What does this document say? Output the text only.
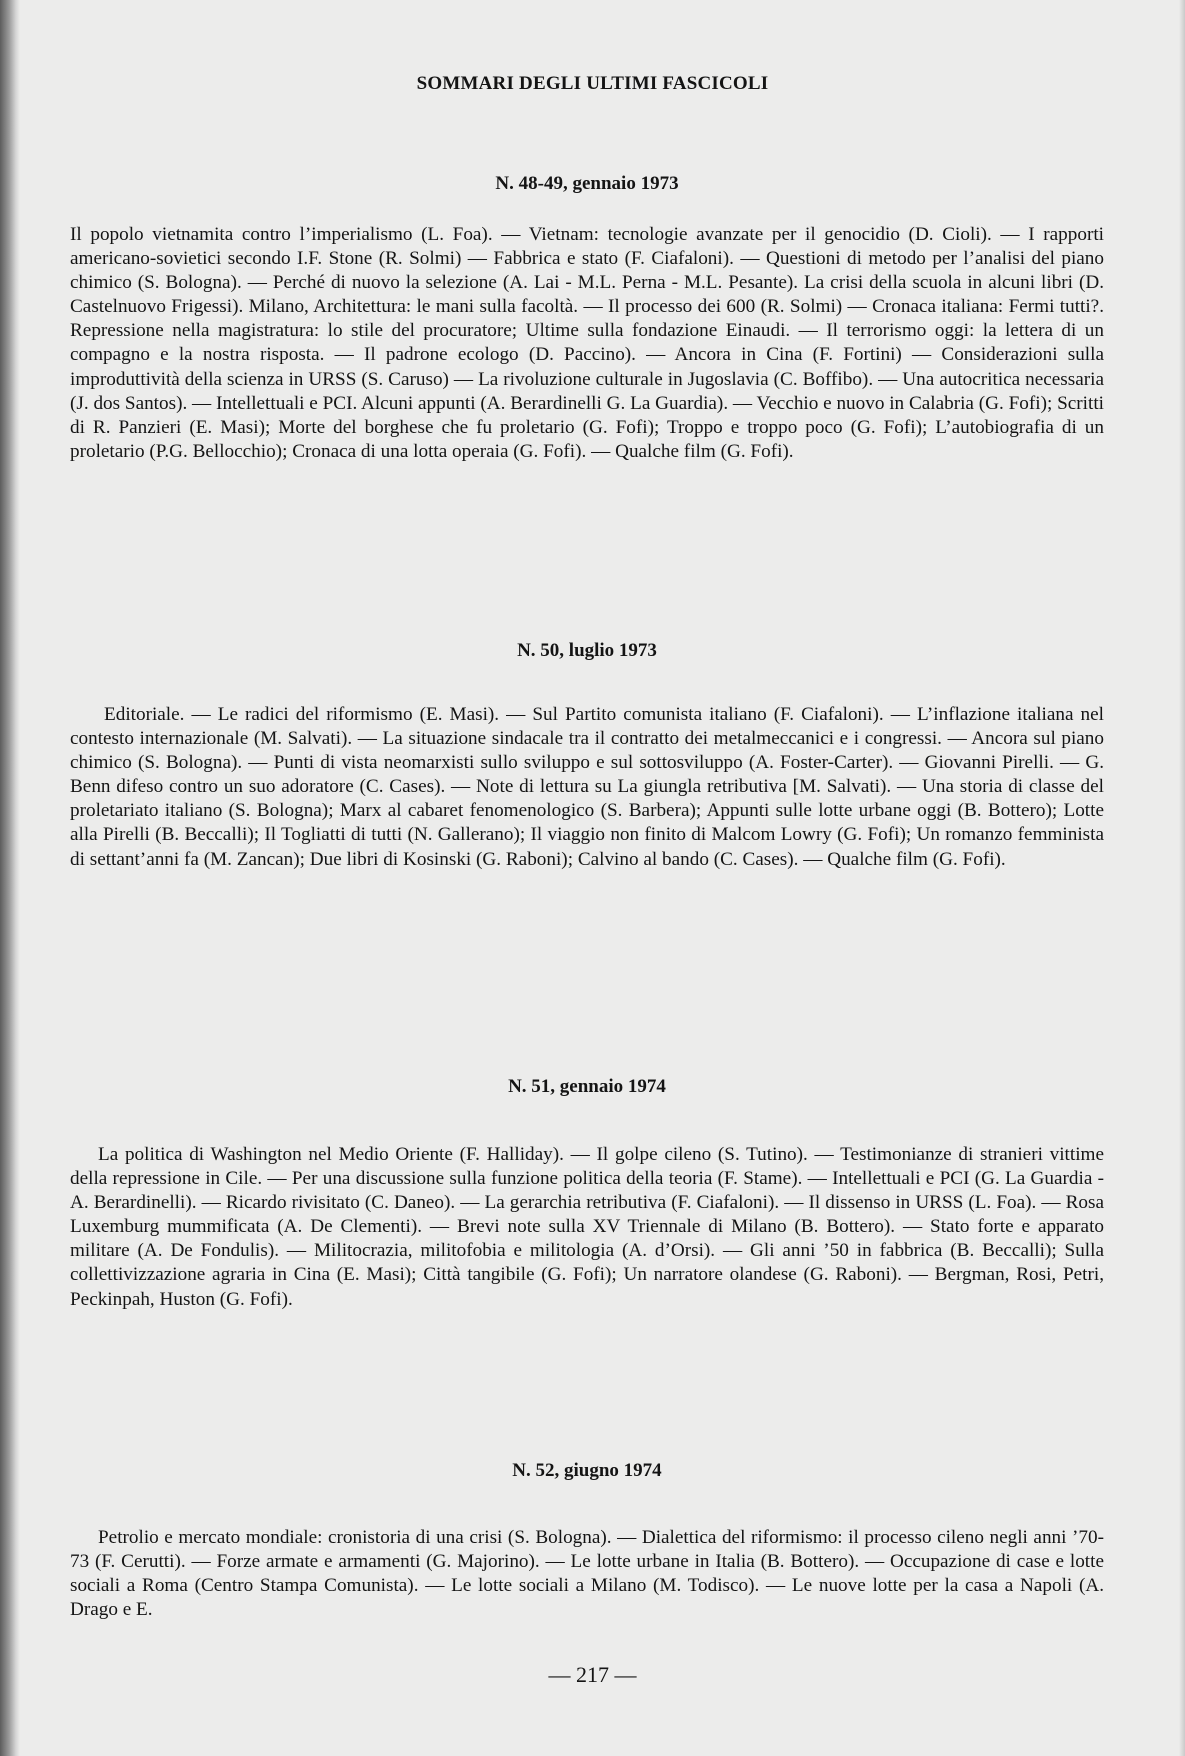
SOMMARI DEGLI ULTIMI FASCICOLI
N. 48-49, gennaio 1973

Il popolo vietnamita contro l’imperialismo (L. Foa). — Vietnam: tecnologie avanzate per il genocidio (D. Cioli). — I rapporti americano-sovietici secondo I.F. Stone (R. Solmi) — Fabbrica e stato (F. Ciafaloni). — Questioni di metodo per l’analisi del piano chimico (S. Bologna). — Perché di nuovo la selezione (A. Lai - M.L. Perna - M.L. Pesante). La crisi della scuola in alcuni libri (D. Castelnuovo Frigessi). Milano, Architettura: le mani sulla facoltà. — Il processo dei 600 (R. Solmi) — Cronaca italiana: Fermi tutti?. Repressione nella magistratura: lo stile del procuratore; Ultime sulla fondazione Einaudi. — Il terrorismo oggi: la lettera di un compagno e la nostra risposta. — Il padrone ecologo (D. Paccino). — Ancora in Cina (F. Fortini) — Considerazioni sulla improduttività della scienza in URSS (S. Caruso) — La rivoluzione culturale in Jugoslavia (C. Boffibo). — Una autocritica necessaria (J. dos Santos). — Intellettuali e PCI. Alcuni appunti (A. Berardinelli G. La Guardia). — Vecchio e nuovo in Calabria (G. Fofi); Scritti di R. Panzieri (E. Masi); Morte del borghese che fu proletario (G. Fofi); Troppo e troppo poco (G. Fofi); L’autobiografia di un proletario (P.G. Bellocchio); Cronaca di una lotta operaia (G. Fofi). — Qualche film (G. Fofi).

N. 50, luglio 1973

Editoriale. — Le radici del riformismo (E. Masi). — Sul Partito comunista italiano (F. Ciafaloni). — L’inflazione italiana nel contesto internazionale (M. Salvati). — La situazione sindacale tra il contratto dei metalmeccanici e i congressi. — Ancora sul piano chimico (S. Bologna). — Punti di vista neomarxisti sullo sviluppo e sul sottosviluppo (A. Foster-Carter). — Giovanni Pirelli. — G. Benn difeso contro un suo adoratore (C. Cases). — Note di lettura su La giungla retributiva [M. Salvati). — Una storia di classe del proletariato italiano (S. Bologna); Marx al cabaret fenomenologico (S. Barbera); Appunti sulle lotte urbane oggi (B. Bottero); Lotte alla Pirelli (B. Beccalli); Il Togliatti di tutti (N. Gallerano); Il viaggio non finito di Malcom Lowry (G. Fofi); Un romanzo femminista di settant’anni fa (M. Zancan); Due libri di Kosinski (G. Raboni); Calvino al bando (C. Cases). — Qualche film (G. Fofi).

N. 51, gennaio 1974

La politica di Washington nel Medio Oriente (F. Halliday). — Il golpe cileno (S. Tutino). — Testimonianze di stranieri vittime della repressione in Cile. — Per una discussione sulla funzione politica della teoria (F. Stame). — Intellettuali e PCI (G. La Guardia - A. Berardinelli). — Ricardo rivisitato (C. Daneo). — La gerarchia retributiva (F. Ciafaloni). — Il dissenso in URSS (L. Foa). — Rosa Luxemburg mummificata (A. De Clementi). — Brevi note sulla XV Triennale di Milano (B. Bottero). — Stato forte e apparato militare (A. De Fondulis). — Militocrazia, militofobia e militologia (A. d’Orsi). — Gli anni ’50 in fabbrica (B. Beccalli); Sulla collettivizzazione agraria in Cina (E. Masi); Città tangibile (G. Fofi); Un narratore olandese (G. Raboni). — Bergman, Rosi, Petri, Peckinpah, Huston (G. Fofi).

N. 52, giugno 1974

Petrolio e mercato mondiale: cronistoria di una crisi (S. Bologna). — Dialettica del riformismo: il processo cileno negli anni ’70-73 (F. Cerutti). — Forze armate e armamenti (G. Majorino). — Le lotte urbane in Italia (B. Bottero). — Occupazione di case e lotte sociali a Roma (Centro Stampa Comunista). — Le lotte sociali a Milano (M. Todisco). — Le nuove lotte per la casa a Napoli (A. Drago e E.

— 217 —
